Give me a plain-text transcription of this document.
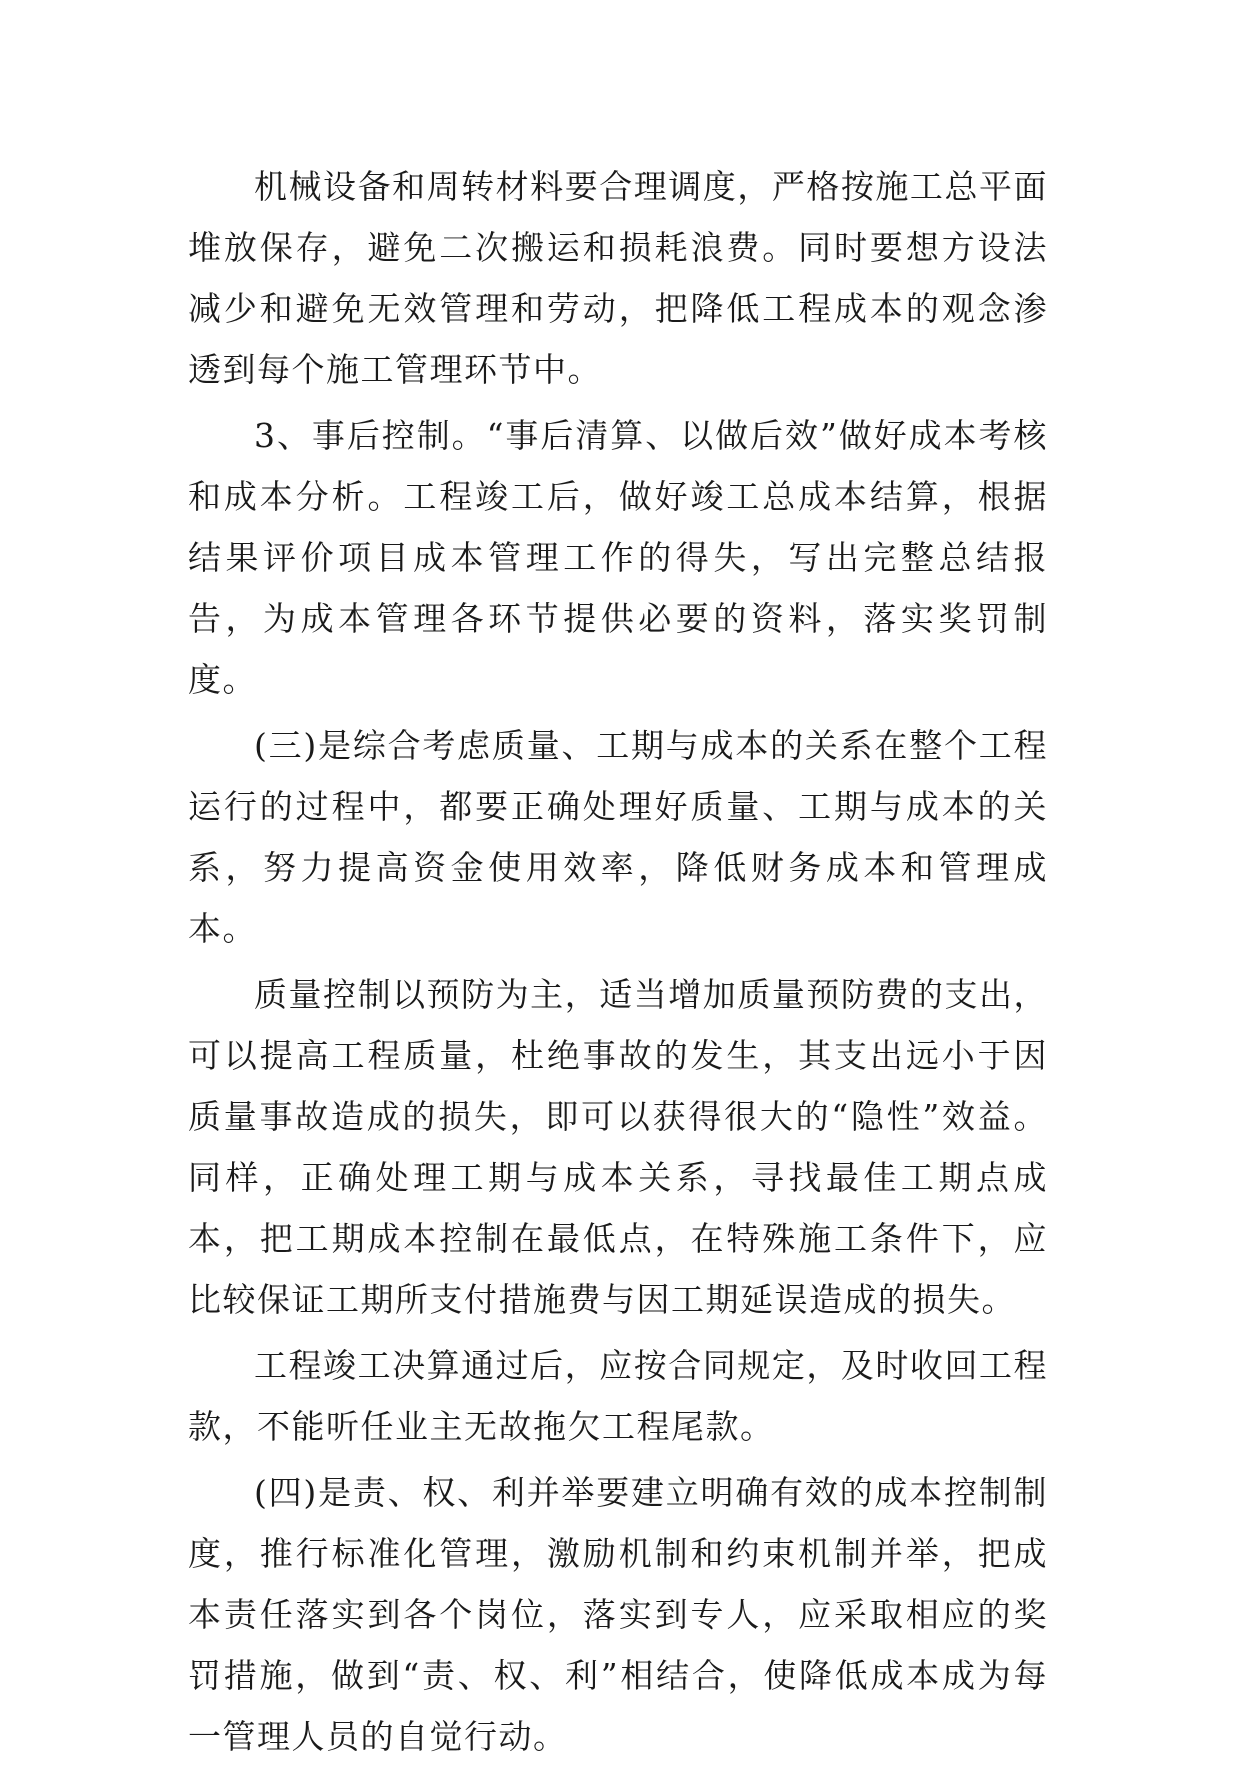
机械设备和周转材料要合理调度，严格按施工总平面堆放保存，避免二次搬运和损耗浪费。同时要想方设法减少和避免无效管理和劳动，把降低工程成本的观念渗透到每个施工管理环节中。

3、事后控制。“事后清算、以做后效”做好成本考核和成本分析。工程竣工后，做好竣工总成本结算，根据结果评价项目成本管理工作的得失，写出完整总结报告，为成本管理各环节提供必要的资料，落实奖罚制度。

(三)是综合考虑质量、工期与成本的关系在整个工程运行的过程中，都要正确处理好质量、工期与成本的关系，努力提高资金使用效率，降低财务成本和管理成本。

质量控制以预防为主，适当增加质量预防费的支出，可以提高工程质量，杜绝事故的发生，其支出远小于因质量事故造成的损失，即可以获得很大的“隐性”效益。同样，正确处理工期与成本关系，寻找最佳工期点成本，把工期成本控制在最低点，在特殊施工条件下，应比较保证工期所支付措施费与因工期延误造成的损失。

工程竣工决算通过后，应按合同规定，及时收回工程款，不能听任业主无故拖欠工程尾款。

(四)是责、权、利并举要建立明确有效的成本控制制度，推行标准化管理，激励机制和约束机制并举，把成本责任落实到各个岗位，落实到专人，应采取相应的奖罚措施，做到“责、权、利”相结合，使降低成本成为每一管理人员的自觉行动。
